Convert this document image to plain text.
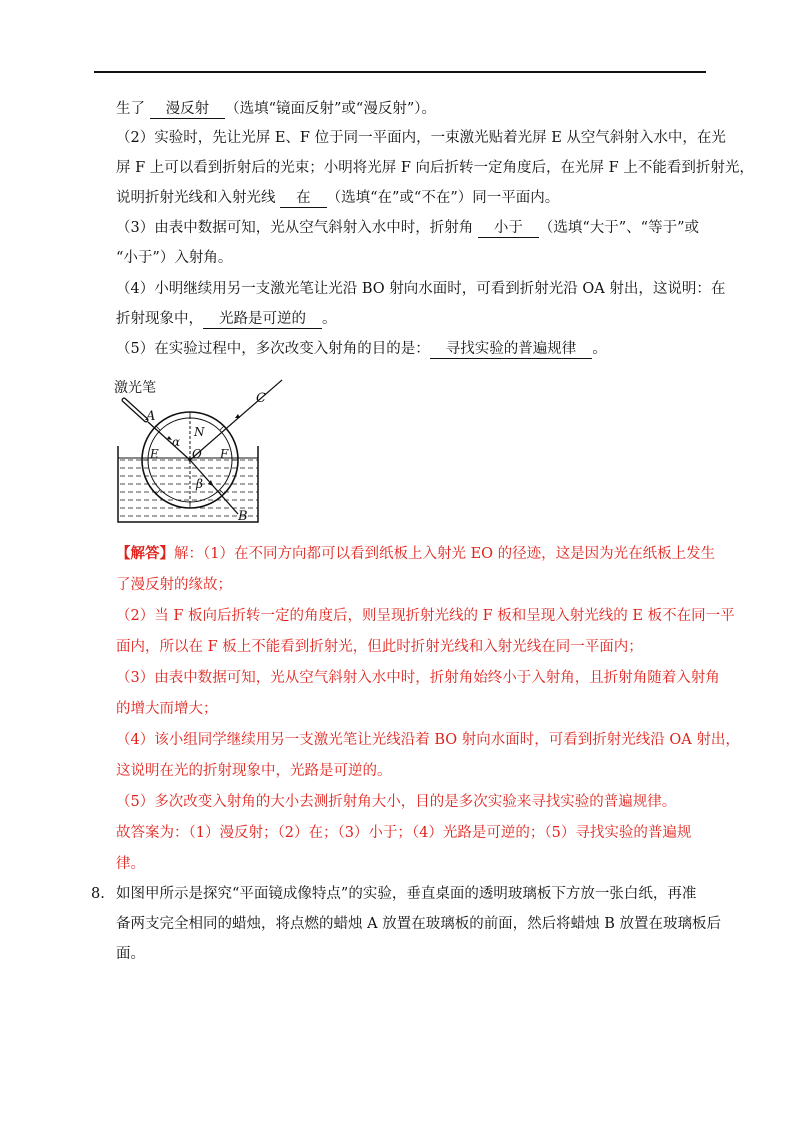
生了 漫反射 （选填“镜面反射”或“漫反射”）。
（2）实验时，先让光屏 E、F 位于同一平面内，一束激光贴着光屏 E 从空气斜射入水中，在光
屏 F 上可以看到折射后的光束；小明将光屏 F 向后折转一定角度后，在光屏 F 上不能看到折射光，
说明折射光线和入射光线 在 （选填“在”或“不在”）同一平面内。
（3）由表中数据可知，光从空气斜射入水中时，折射角 小于 （选填“大于”、“等于”或
“小于”）入射角。
（4）小明继续用另一支激光笔让光沿 BO 射向水面时，可看到折射光沿 OA 射出，这说明：在
折射现象中， 光路是可逆的 。
（5）在实验过程中，多次改变入射角的目的是： 寻找实验的普遍规律 。
激光笔
A
C
N
α
O
E	F
β
B
【解答】解：（1）在不同方向都可以看到纸板上入射光 EO 的径迹，这是因为光在纸板上发生
了漫反射的缘故；
（2）当 F 板向后折转一定的角度后，则呈现折射光线的 F 板和呈现入射光线的 E 板不在同一平
面内，所以在 F 板上不能看到折射光，但此时折射光线和入射光线在同一平面内；
（3）由表中数据可知，光从空气斜射入水中时，折射角始终小于入射角，且折射角随着入射角
的增大而增大；
（4）该小组同学继续用另一支激光笔让光线沿着 BO 射向水面时，可看到折射光线沿 OA 射出，
这说明在光的折射现象中，光路是可逆的。
（5）多次改变入射角的大小去测折射角大小，目的是多次实验来寻找实验的普遍规律。
故答案为：（1）漫反射；（2）在；（3）小于；（4）光路是可逆的；（5）寻找实验的普遍规
律。
8. 如图甲所示是探究“平面镜成像特点”的实验，垂直桌面的透明玻璃板下方放一张白纸，再准
备两支完全相同的蜡烛，将点燃的蜡烛 A 放置在玻璃板的前面，然后将蜡烛 B 放置在玻璃板后
面。
